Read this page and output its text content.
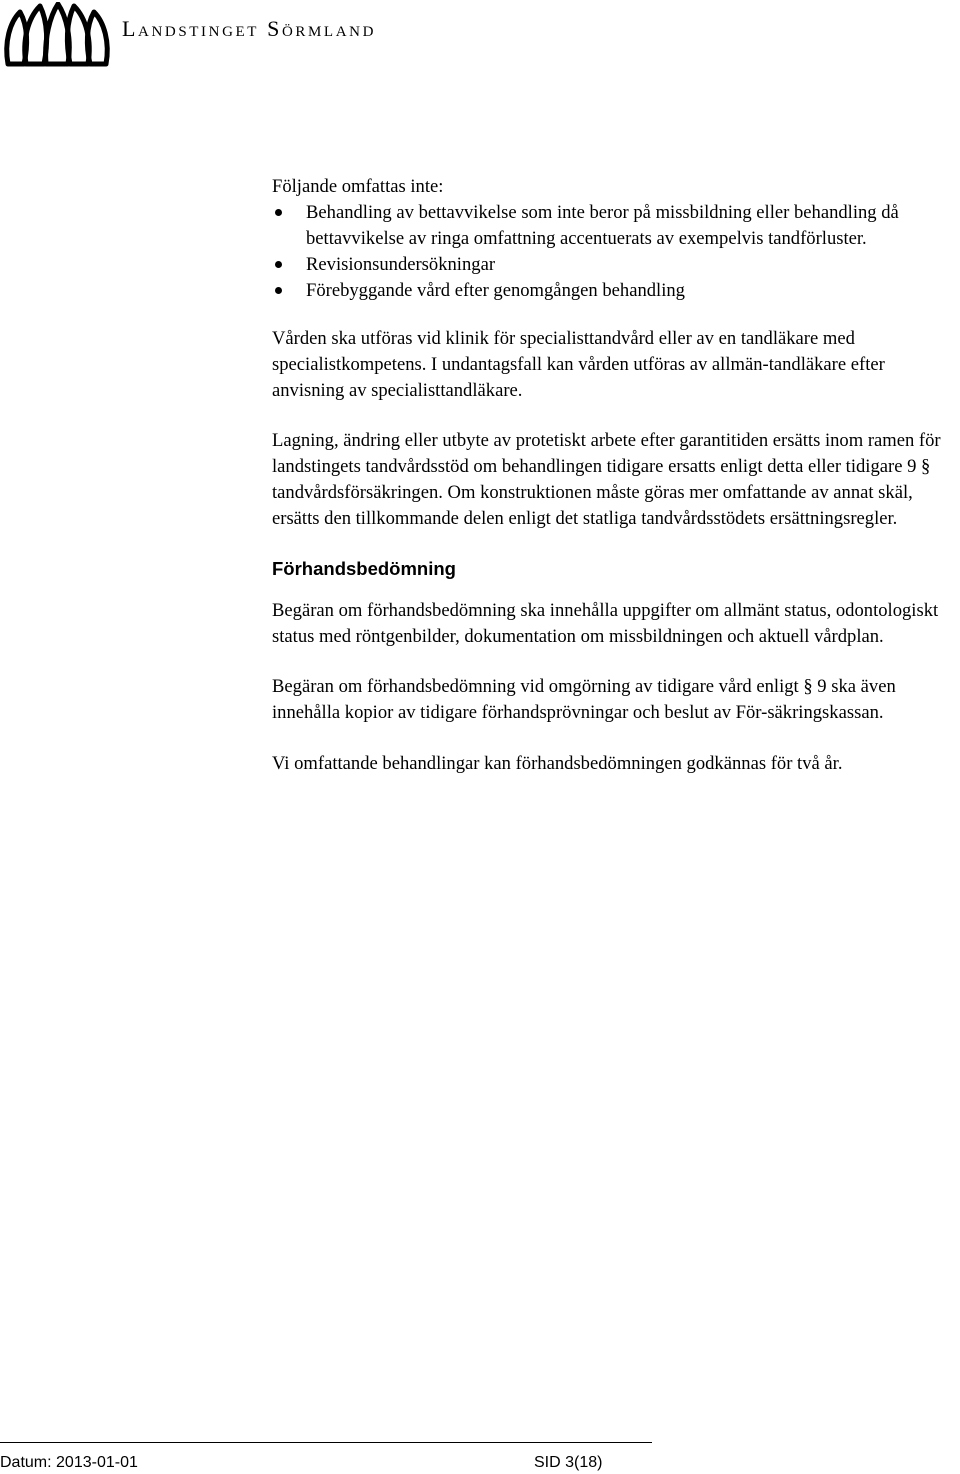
Landstinget Sörmland

Följande omfattas inte:

Behandling av bettavvikelse som inte beror på missbildning eller behandling då bettavvikelse av ringa omfattning accentuerats av exempelvis tandförluster.
Revisionsundersökningar
Förebyggande vård efter genomgången behandling

Vården ska utföras vid klinik för specialisttandvård eller av en tandläkare med specialistkompetens. I undantagsfall kan vården utföras av allmän-tandläkare efter anvisning av specialisttandläkare.

Lagning, ändring eller utbyte av protetiskt arbete efter garantitiden ersätts inom ramen för landstingets tandvårdsstöd om behandlingen tidigare ersatts enligt detta eller tidigare 9 § tandvårdsförsäkringen. Om konstruktionen måste göras mer omfattande av annat skäl, ersätts den tillkommande delen enligt det statliga tandvårdsstödets ersättningsregler.

Förhandsbedömning

Begäran om förhandsbedömning ska innehålla uppgifter om allmänt status, odontologiskt status med röntgenbilder, dokumentation om missbildningen och aktuell vårdplan.

Begäran om förhandsbedömning vid omgörning av tidigare vård enligt § 9 ska även innehålla kopior av tidigare förhandsprövningar och beslut av För-säkringskassan.

Vi omfattande behandlingar kan förhandsbedömningen godkännas för två år.

Datum: 2013-01-01	SID 3(18)
